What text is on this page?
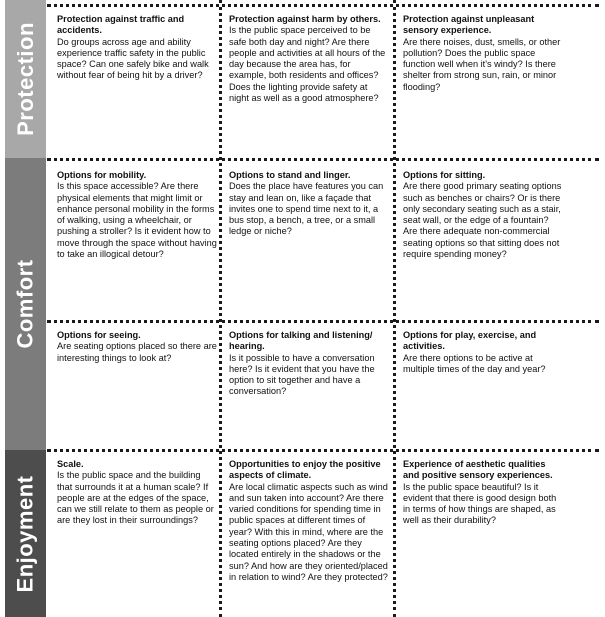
Protection
Comfort
Enjoyment
Protection against traffic and accidents.
Do groups across age and ability experience traffic safety in the public space? Can one safely bike and walk without fear of being hit by a driver?
Protection against harm by others.
Is the public space perceived to be safe both day and night? Are there people and activities at all hours of the day because the area has, for example, both residents and offices? Does the lighting provide safety at night as well as a good atmosphere?
Protection against unpleasant sensory experience.
Are there noises, dust, smells, or other pollution? Does the public space function well when it's windy? Is there shelter from strong sun, rain, or minor flooding?
Options for mobility.
Is this space accessible? Are there physical elements that might limit or enhance personal mobility in the forms of walking, using a wheelchair, or pushing a stroller? Is it evident how to move through the space without having to take an illogical detour?
Options to stand and linger.
Does the place have features you can stay and lean on, like a façade that invites one to spend time next to it, a bus stop, a bench, a tree, or a small ledge or niche?
Options for sitting.
Are there good primary seating options such as benches or chairs? Or is there only secondary seating such as a stair, seat wall, or the edge of a fountain? Are there adequate non-commercial seating options so that sitting does not require spending money?
Options for seeing.
Are seating options placed so there are interesting things to look at?
Options for talking and listening/ hearing.
Is it possible to have a conversation here? Is it evident that you have the option to sit together and have a conversation?
Options for play, exercise, and activities.
Are there options to be active at multiple times of the day and year?
Scale.
Is the public space and the building that surrounds it at a human scale? If people are at the edges of the space, can we still relate to them as people or are they lost in their surroundings?
Opportunities to enjoy the positive aspects of climate.
Are local climatic aspects such as wind and sun taken into account? Are there varied conditions for spending time in public spaces at different times of year? With this in mind, where are the seating options placed? Are they located entirely in the shadows or the sun? And how are they oriented/placed in relation to wind? Are they protected?
Experience of aesthetic qualities and positive sensory experiences.
Is the public space beautiful? Is it evident that there is good design both in terms of how things are shaped, as well as their durability?
